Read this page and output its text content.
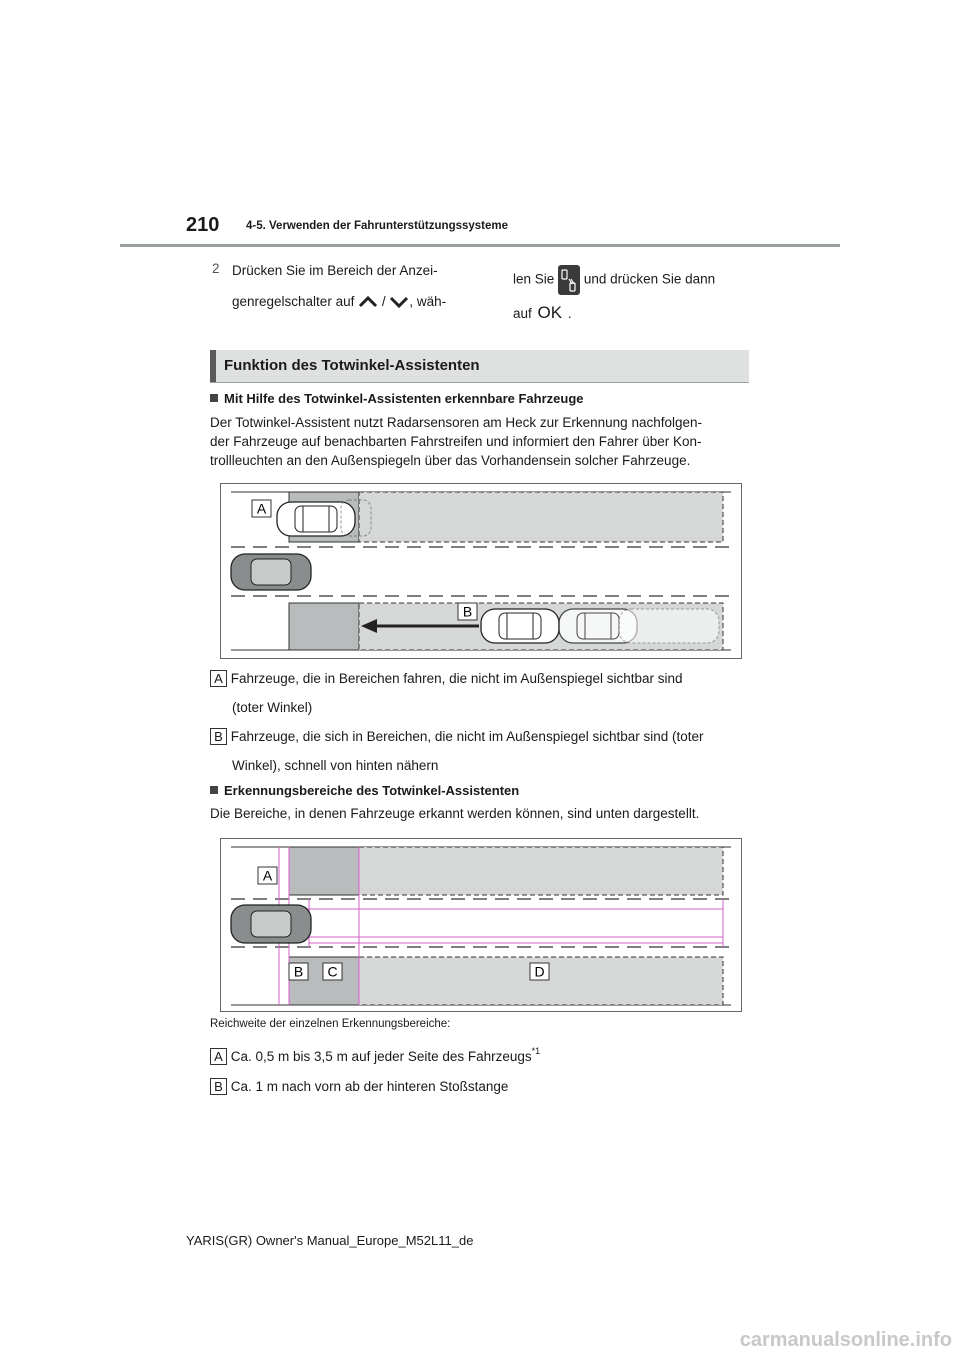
210 4-5. Verwenden der Fahrunterstützungssysteme
2 Drücken Sie im Bereich der Anzei-
genregelschalter auf / , wäh-
len Sie und drücken Sie dann
auf OK .
Funktion des Totwinkel-Assistenten
Mit Hilfe des Totwinkel-Assistenten erkennbare Fahrzeuge
Der Totwinkel-Assistent nutzt Radarsensoren am Heck zur Erkennung nachfolgen-
der Fahrzeuge auf benachbarten Fahrstreifen und informiert den Fahrer über Kon-
trollleuchten an den Außenspiegeln über das Vorhandensein solcher Fahrzeuge.
A
B
A Fahrzeuge, die in Bereichen fahren, die nicht im Außenspiegel sichtbar sind
(toter Winkel)
B Fahrzeuge, die sich in Bereichen, die nicht im Außenspiegel sichtbar sind (toter
Winkel), schnell von hinten nähern
Erkennungsbereiche des Totwinkel-Assistenten
Die Bereiche, in denen Fahrzeuge erkannt werden können, sind unten dargestellt.
A
B C	D
Reichweite der einzelnen Erkennungsbereiche:
A Ca. 0,5 m bis 3,5 m auf jeder Seite des Fahrzeugs$^{*1}$
B Ca. 1 m nach vorn ab der hinteren Stoßstange
YARIS(GR) Owner's Manual_Europe_M52L11_de
carmanualsonline.info
